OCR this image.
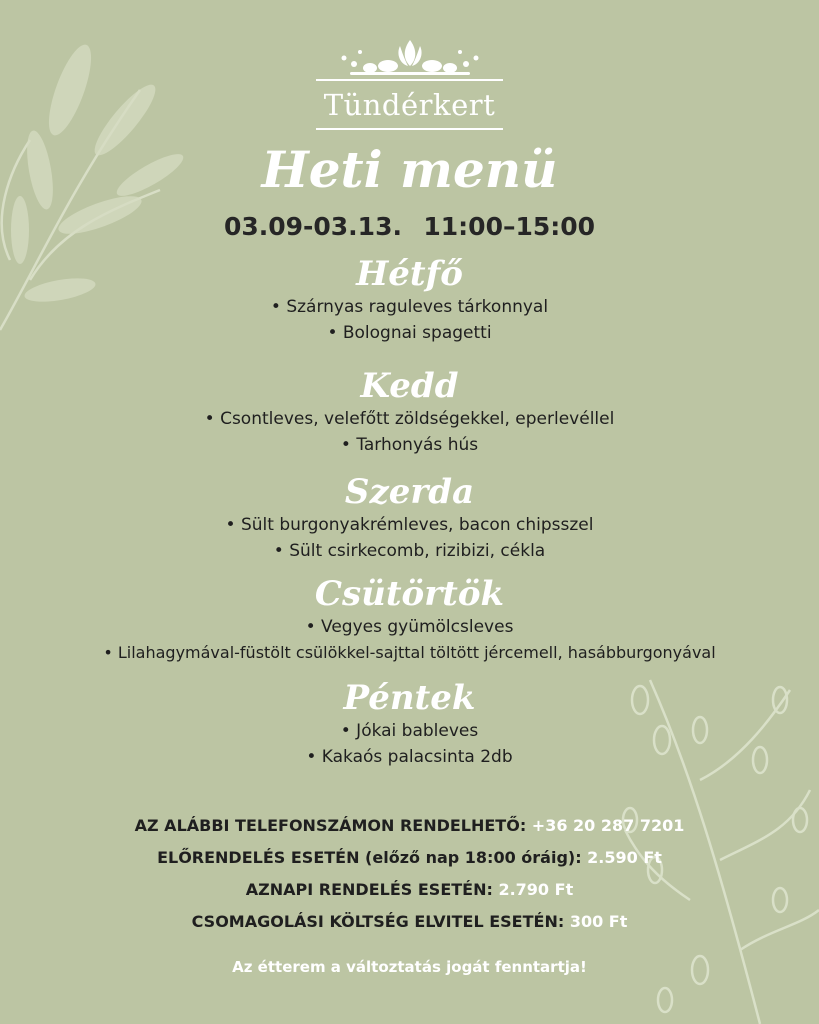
Tündérkert
Heti menü
03.09-03.13. 11:00–15:00
Hétfő
• Szárnyas raguleves tárkonnyal
• Bolognai spagetti
Kedd
• Csontleves, velefőtt zöldségekkel, eperlevéllel
• Tarhonyás hús
Szerda
• Sült burgonyakrémleves, bacon chipsszel
• Sült csirkecomb, rizibizi, cékla
Csütörtök
• Vegyes gyümölcsleves
• Lilahagymával-füstölt csülökkel-sajttal töltött jércemell, hasábburgonyával
Péntek
• Jókai bableves
• Kakaós palacsinta 2db
AZ ALÁBBI TELEFONSZÁMON RENDELHETŐ: +36 20 287 7201
ELŐRENDELÉS ESETÉN (előző nap 18:00 óráig): 2.590 Ft
AZNAPI RENDELÉS ESETÉN: 2.790 Ft
CSOMAGOLÁSI KÖLTSÉG ELVITEL ESETÉN: 300 Ft
Az étterem a változtatás jogát fenntartja!
